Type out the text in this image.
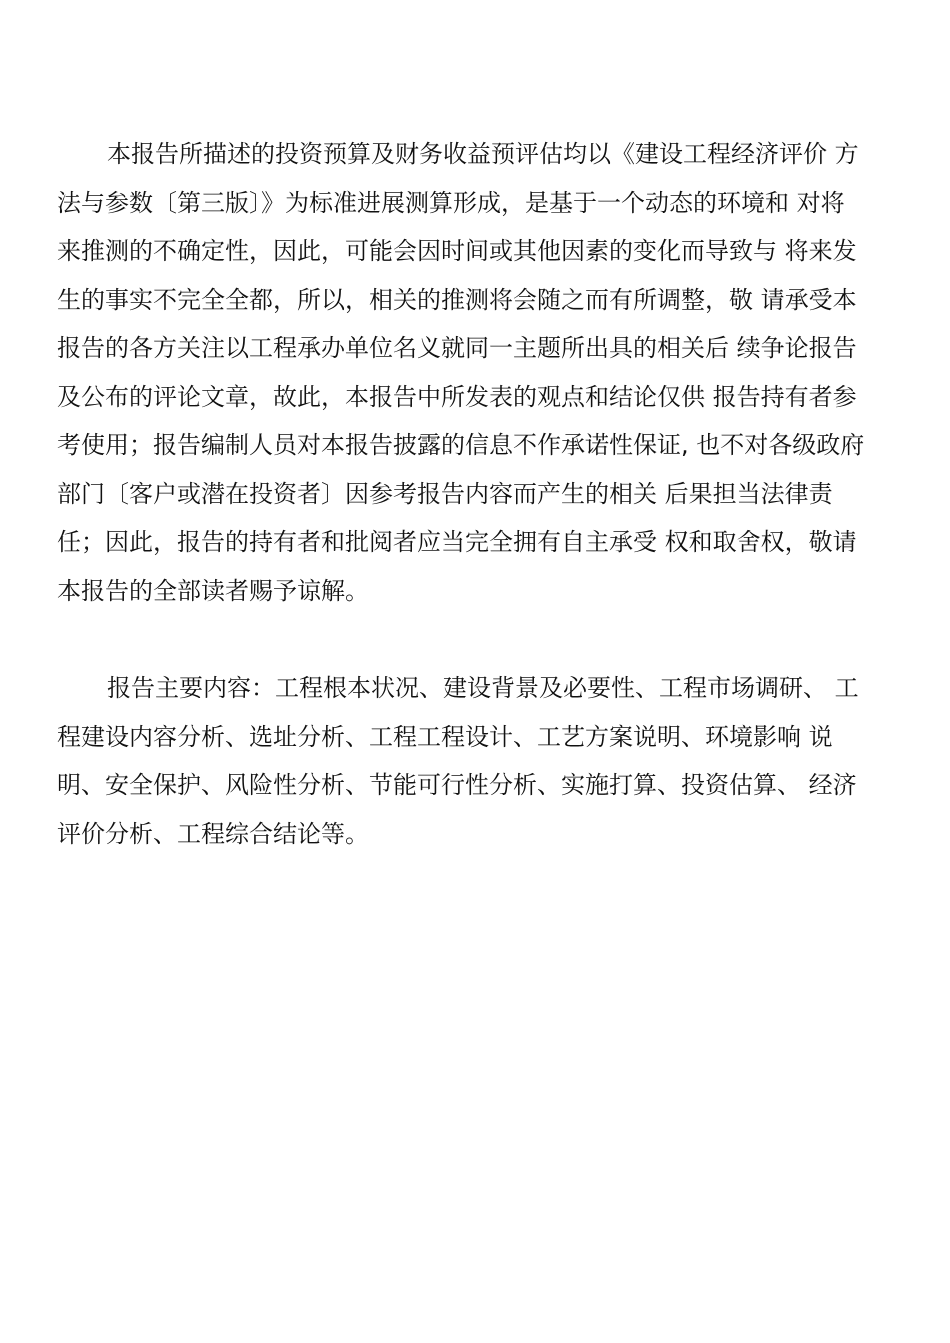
本报告所描述的投资预算及财务收益预评估均以《建设工程经济评价 方
法与参数〔第三版〕》为标准进展测算形成，是基于一个动态的环境和 对将
来推测的不确定性，因此，可能会因时间或其他因素的变化而导致与 将来发
生的事实不完全全都，所以，相关的推测将会随之而有所调整，敬 请承受本
报告的各方关注以工程承办单位名义就同一主题所出具的相关后 续争论报告
及公布的评论文章，故此，本报告中所发表的观点和结论仅供 报告持有者参
考使用；报告编制人员对本报告披露的信息不作承诺性保证, 也不对各级政府
部门〔客户或潜在投资者〕因参考报告内容而产生的相关 后果担当法律责
任；因此，报告的持有者和批阅者应当完全拥有自主承受 权和取舍权，敬请
本报告的全部读者赐予谅解。
报告主要内容：工程根本状况、建设背景及必要性、工程市场调研、 工
程建设内容分析、选址分析、工程工程设计、工艺方案说明、环境影响 说
明、安全保护、风险性分析、节能可行性分析、实施打算、投资估算、 经济
评价分析、工程综合结论等。
